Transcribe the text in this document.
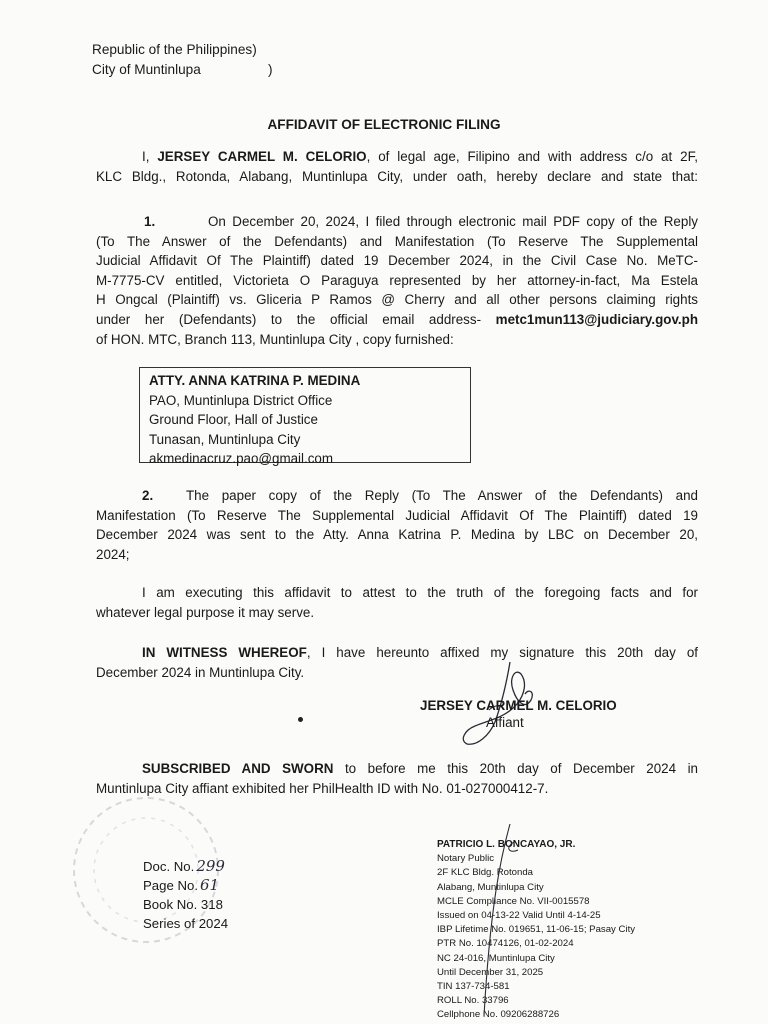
Republic of the Philippines)
City of Muntinlupa	)
AFFIDAVIT OF ELECTRONIC FILING
I, JERSEY CARMEL M. CELORIO, of legal age, Filipino and with address c/o at 2F,
KLC Bldg., Rotonda, Alabang, Muntinlupa City, under oath, hereby declare and state that:
1.	On December 20, 2024, I filed through electronic mail PDF copy of the Reply
(To The Answer of the Defendants) and Manifestation (To Reserve The Supplemental
Judicial Affidavit Of The Plaintiff) dated 19 December 2024, in the Civil Case No. MeTC-
M-7775-CV entitled, Victorieta O Paraguya represented by her attorney-in-fact, Ma Estela
H Ongcal (Plaintiff) vs. Gliceria P Ramos @ Cherry and all other persons claiming rights
under her (Defendants) to the official email address- metc1mun113@judiciary.gov.ph
of HON. MTC, Branch 113, Muntinlupa City , copy furnished:
ATTY. ANNA KATRINA P. MEDINA
PAO, Muntinlupa District Office
Ground Floor, Hall of Justice
Tunasan, Muntinlupa City
akmedinacruz.pao@gmail.com
2. The paper copy of the Reply (To The Answer of the Defendants) and
Manifestation (To Reserve The Supplemental Judicial Affidavit Of The Plaintiff) dated 19
December 2024 was sent to the Atty. Anna Katrina P. Medina by LBC on December 20,
2024;
I am executing this affidavit to attest to the truth of the foregoing facts and for
whatever legal purpose it may serve.
IN WITNESS WHEREOF, I have hereunto affixed my signature this 20th day of
December 2024 in Muntinlupa City.
JERSEY CARMEL M. CELORIO
Affiant
SUBSCRIBED AND SWORN to before me this 20th day of December 2024 in
Muntinlupa City affiant exhibited her PhilHealth ID with No. 01-027000412-7.
Doc. No. 299
Page No. 61
Book No. 318
Series of 2024
PATRICIO L. BONCAYAO, JR.
Notary Public
2F KLC Bldg. Rotonda
Alabang, Muntinlupa City
MCLE Compliance No. VII-0015578
Issued on 04-13-22 Valid Until 4-14-25
IBP Lifetime No. 019651, 11-06-15; Pasay City
PTR No. 10474126, 01-02-2024
NC 24-016, Muntinlupa City
Until December 31, 2025
TIN 137-734-581
ROLL No. 33796
Cellphone No. 09206288726
